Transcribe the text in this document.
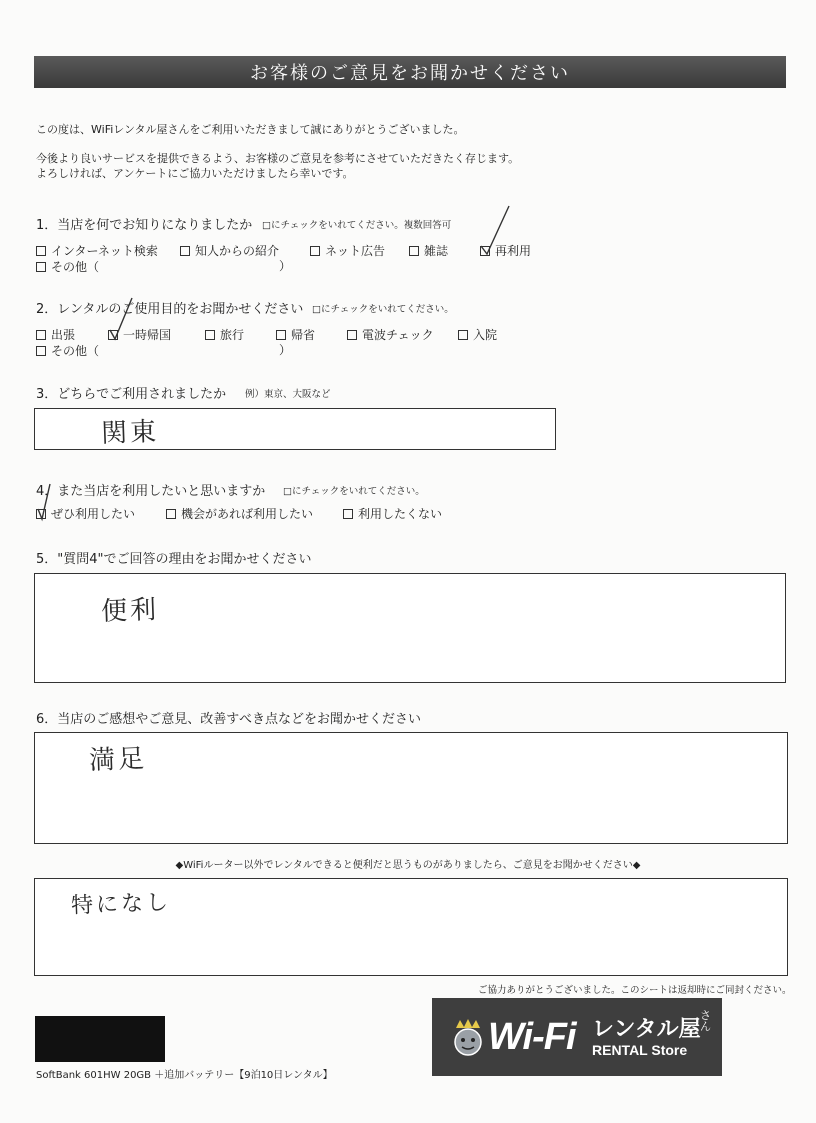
お客様のご意見をお聞かせください
この度は、WiFiレンタル屋さんをご利用いただきまして誠にありがとうございました。
今後より良いサービスを提供できるよう、お客様のご意見を参考にさせていただきたく存じます。
よろしければ、アンケートにご協力いただけましたら幸いです。
1．当店を何でお知りになりましたか □にチェックをいれてください。複数回答可
インターネット検索	知人からの紹介	ネット広告	雑誌	再利用
その他（	）
2．レンタルのご使用目的をお聞かせください □にチェックをいれてください。
出張	一時帰国	旅行	帰省	電波チェック	入院
その他（	）
3．どちらでご利用されましたか 例）東京、大阪など
関東
4．また当店を利用したいと思いますか □にチェックをいれてください。
ぜひ利用したい	機会があれば利用したい	利用したくない
5．"質問4"でご回答の理由をお聞かせください
便利
6．当店のご感想やご意見、改善すべき点などをお聞かせください
満足
◆WiFiルーター以外でレンタルできると便利だと思うものがありましたら、ご意見をお聞かせください◆
特になし
ご協力ありがとうございました。このシートは返却時にご同封ください。
SoftBank 601HW 20GB ＋追加バッテリー【9泊10日レンタル】
Wi-Fi レンタル屋
さん
RENTAL Store
